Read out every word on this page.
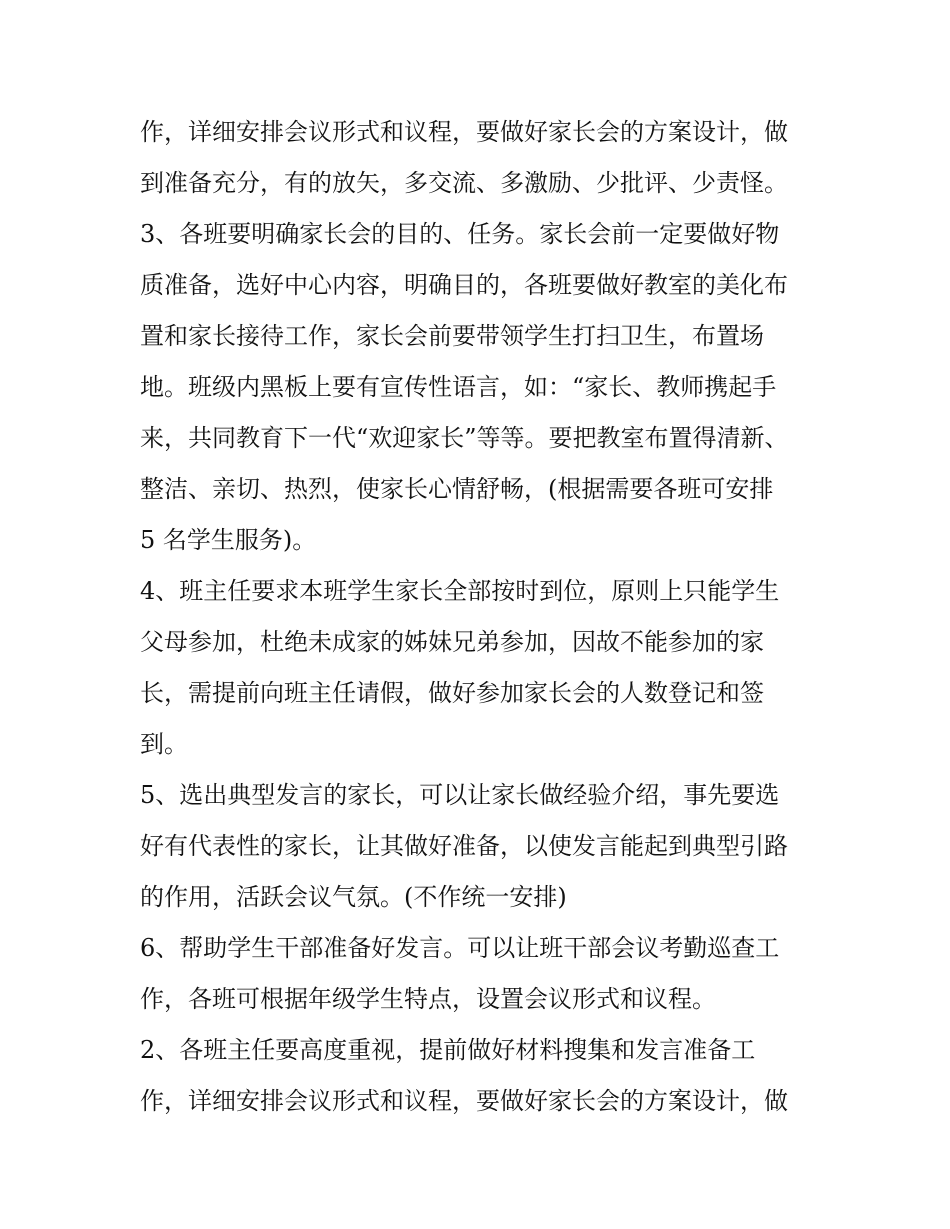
作，详细安排会议形式和议程，要做好家长会的方案设计，做
到准备充分，有的放矢，多交流、多激励、少批评、少责怪。
3、各班要明确家长会的目的、任务。家长会前一定要做好物
质准备，选好中心内容，明确目的，各班要做好教室的美化布
置和家长接待工作，家长会前要带领学生打扫卫生，布置场
地。班级内黑板上要有宣传性语言，如：“家长、教师携起手
来，共同教育下一代“欢迎家长”等等。要把教室布置得清新、
整洁、亲切、热烈，使家长心情舒畅，(根据需要各班可安排
5 名学生服务)。
4、班主任要求本班学生家长全部按时到位，原则上只能学生
父母参加，杜绝未成家的姊妹兄弟参加，因故不能参加的家
长，需提前向班主任请假，做好参加家长会的人数登记和签
到。
5、选出典型发言的家长，可以让家长做经验介绍，事先要选
好有代表性的家长，让其做好准备，以使发言能起到典型引路
的作用，活跃会议气氛。(不作统一安排)
6、帮助学生干部准备好发言。可以让班干部会议考勤巡查工
作，各班可根据年级学生特点，设置会议形式和议程。
2、各班主任要高度重视，提前做好材料搜集和发言准备工
作，详细安排会议形式和议程，要做好家长会的方案设计，做
